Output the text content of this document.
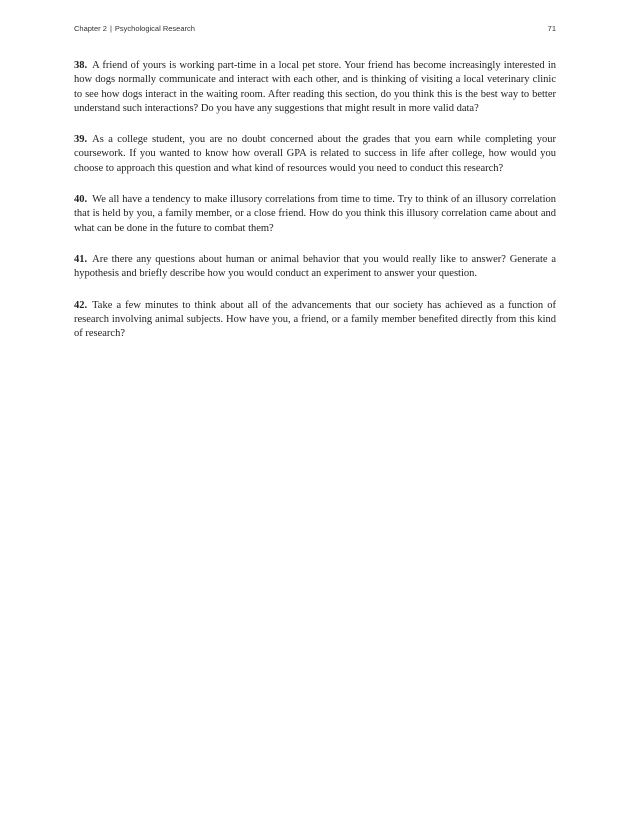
Chapter 2 | Psychological Research	71

38. A friend of yours is working part-time in a local pet store. Your friend has become increasingly interested in how dogs normally communicate and interact with each other, and is thinking of visiting a local veterinary clinic to see how dogs interact in the waiting room. After reading this section, do you think this is the best way to better understand such interactions? Do you have any suggestions that might result in more valid data?

39. As a college student, you are no doubt concerned about the grades that you earn while completing your coursework. If you wanted to know how overall GPA is related to success in life after college, how would you choose to approach this question and what kind of resources would you need to conduct this research?

40. We all have a tendency to make illusory correlations from time to time. Try to think of an illusory correlation that is held by you, a family member, or a close friend. How do you think this illusory correlation came about and what can be done in the future to combat them?

41. Are there any questions about human or animal behavior that you would really like to answer? Generate a hypothesis and briefly describe how you would conduct an experiment to answer your question.

42. Take a few minutes to think about all of the advancements that our society has achieved as a function of research involving animal subjects. How have you, a friend, or a family member benefited directly from this kind of research?
